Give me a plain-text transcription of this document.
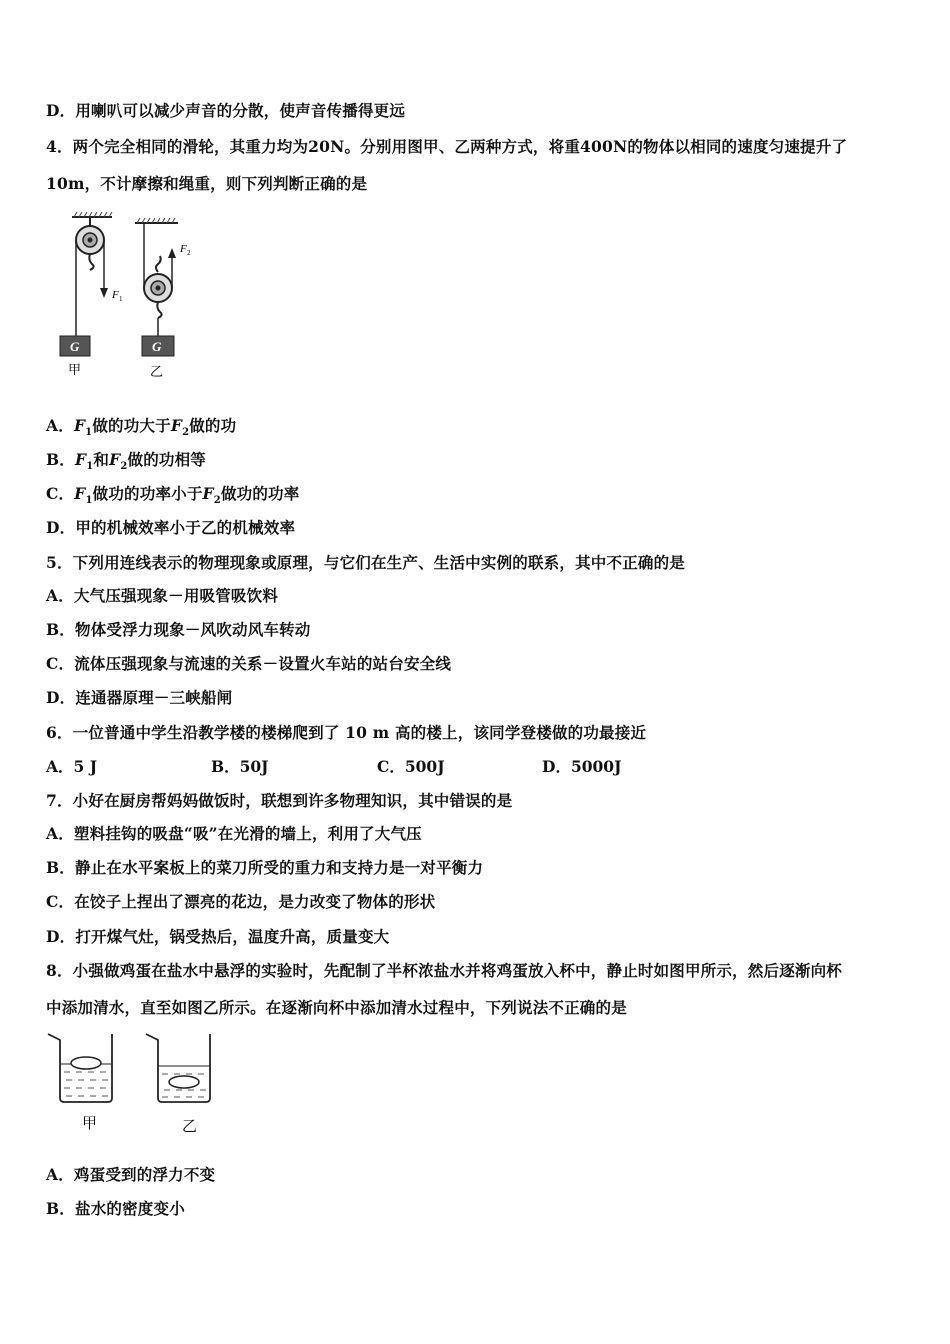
D．用喇叭可以减少声音的分散，使声音传播得更远
4．两个完全相同的滑轮，其重力均为20N。分别用图甲、乙两种方式，将重400N的物体以相同的速度匀速提升了
10m，不计摩擦和绳重，则下列判断正确的是
F 1
G
甲
F 2
G
乙
A．$F_1$做的功大于$F_2$做的功
B．$F_1$和$F_2$做的功相等
C．$F_1$做功的功率小于$F_2$做功的功率
D．甲的机械效率小于乙的机械效率
5．下列用连线表示的物理现象或原理，与它们在生产、生活中实例的联系，其中不正确的是
A．大气压强现象－用吸管吸饮料
B．物体受浮力现象－风吹动风车转动
C．流体压强现象与流速的关系－设置火车站的站台安全线
D．连通器原理－三峡船闸
6．一位普通中学生沿教学楼的楼梯爬到了 10 m 高的楼上，该同学登楼做的功最接近
A．5 J	B．50J	C．500J	D．5000J
7．小好在厨房帮妈妈做饭时，联想到许多物理知识，其中错误的是
A．塑料挂钩的吸盘“吸”在光滑的墙上，利用了大气压
B．静止在水平案板上的菜刀所受的重力和支持力是一对平衡力
C．在饺子上捏出了漂亮的花边，是力改变了物体的形状
D．打开煤气灶，锅受热后，温度升高，质量变大
8．小强做鸡蛋在盐水中悬浮的实验时，先配制了半杯浓盐水并将鸡蛋放入杯中，静止时如图甲所示，然后逐渐向杯
中添加清水，直至如图乙所示。在逐渐向杯中添加清水过程中，下列说法不正确的是
甲	乙
A．鸡蛋受到的浮力不变
B．盐水的密度变小
